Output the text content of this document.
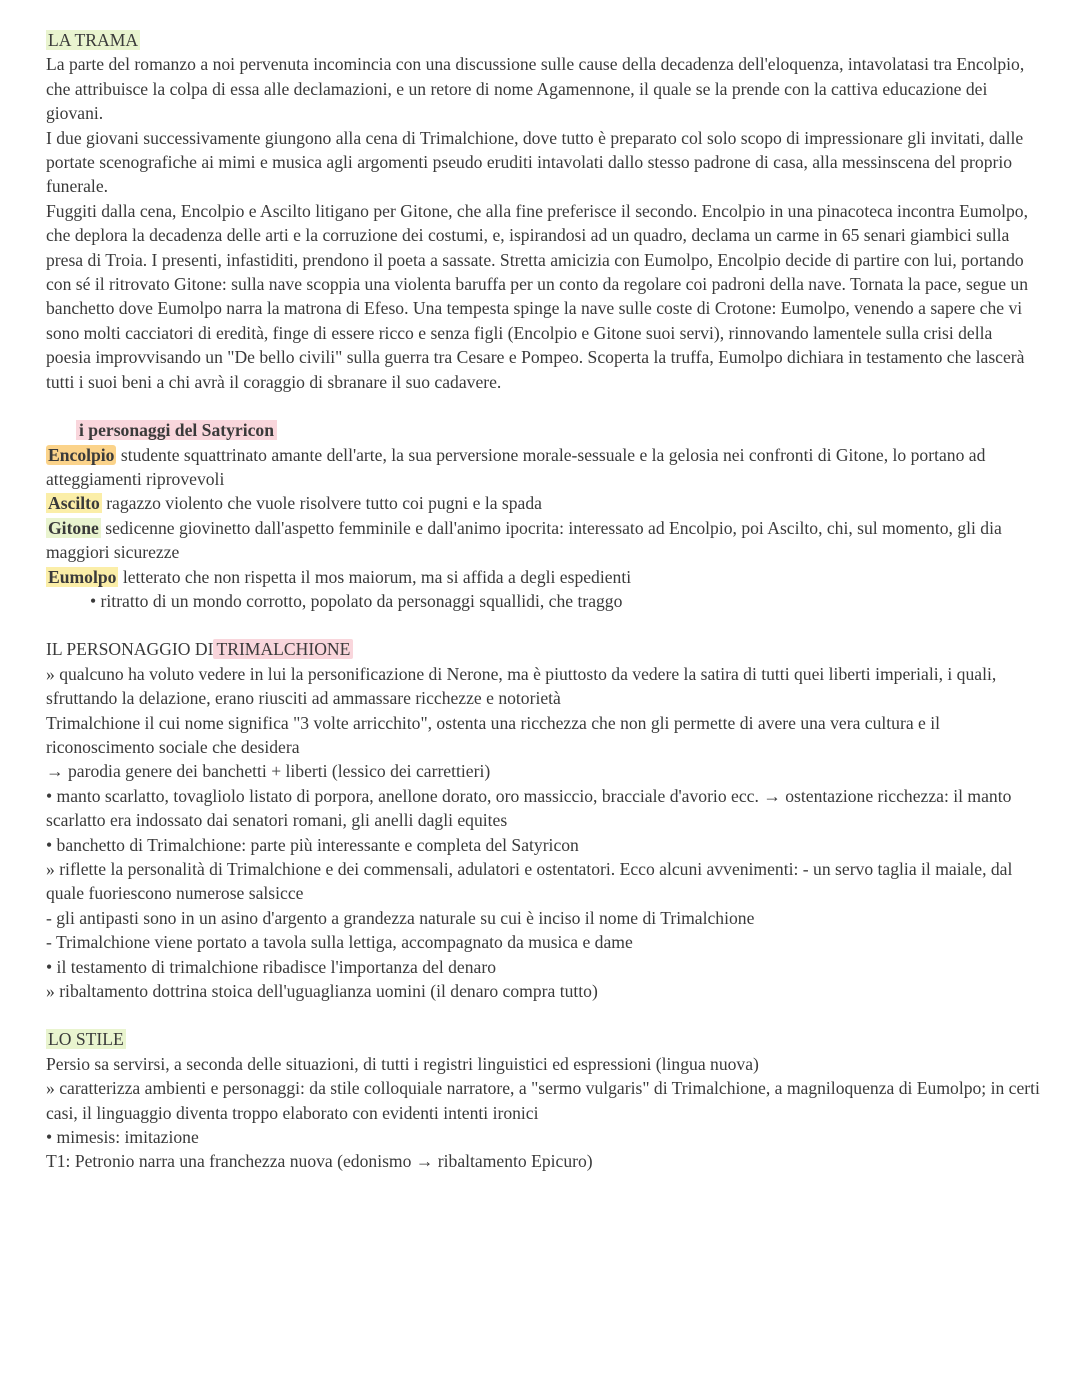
LA TRAMA
La parte del romanzo a noi pervenuta incomincia con una discussione sulle cause della decadenza dell'eloquenza, intavolatasi tra Encolpio, che attribuisce la colpa di essa alle declamazioni, e un retore di nome Agamennone, il quale se la prende con la cattiva educazione dei giovani.
I due giovani successivamente giungono alla cena di Trimalchione, dove tutto è preparato col solo scopo di impressionare gli invitati, dalle portate scenografiche ai mimi e musica agli argomenti pseudo eruditi intavolati dallo stesso padrone di casa, alla messinscena del proprio funerale.
Fuggiti dalla cena, Encolpio e Ascilto litigano per Gitone, che alla fine preferisce il secondo. Encolpio in una pinacoteca incontra Eumolpo, che deplora la decadenza delle arti e la corruzione dei costumi, e, ispirandosi ad un quadro, declama un carme in 65 senari giambici sulla presa di Troia. I presenti, infastiditi, prendono il poeta a sassate. Stretta amicizia con Eumolpo, Encolpio decide di partire con lui, portando con sé il ritrovato Gitone: sulla nave scoppia una violenta baruffa per un conto da regolare coi padroni della nave. Tornata la pace, segue un banchetto dove Eumolpo narra la matrona di Efeso. Una tempesta spinge la nave sulle coste di Crotone: Eumolpo, venendo a sapere che vi sono molti cacciatori di eredità, finge di essere ricco e senza figli (Encolpio e Gitone suoi servi), rinnovando lamentele sulla crisi della poesia improvvisando un "De bello civili" sulla guerra tra Cesare e Pompeo. Scoperta la truffa, Eumolpo dichiara in testamento che lascerà tutti i suoi beni a chi avrà il coraggio di sbranare il suo cadavere.
i personaggi del Satyricon
Encolpio studente squattrinato amante dell'arte, la sua perversione morale-sessuale e la gelosia nei confronti di Gitone, lo portano ad atteggiamenti riprovevoli
Ascilto ragazzo violento che vuole risolvere tutto coi pugni e la spada
Gitone sedicenne giovinetto dall'aspetto femminile e dall'animo ipocrita: interessato ad Encolpio, poi Ascilto, chi, sul momento, gli dia maggiori sicurezze
Eumolpo letterato che non rispetta il mos maiorum, ma si affida a degli espedienti
• ritratto di un mondo corrotto, popolato da personaggi squallidi, che traggo
IL PERSONAGGIO DI TRIMALCHIONE
» qualcuno ha voluto vedere in lui la personificazione di Nerone, ma è piuttosto da vedere la satira di tutti quei liberti imperiali, i quali, sfruttando la delazione, erano riusciti ad ammassare ricchezze e notorietà
Trimalchione il cui nome significa "3 volte arricchito", ostenta una ricchezza che non gli permette di avere una vera cultura e il riconoscimento sociale che desidera
→ parodia genere dei banchetti + liberti (lessico dei carrettieri)
• manto scarlatto, tovagliolo listato di porpora, anellone dorato, oro massiccio, bracciale d'avorio ecc. → ostentazione ricchezza: il manto scarlatto era indossato dai senatori romani, gli anelli dagli equites
• banchetto di Trimalchione: parte più interessante e completa del Satyricon
» riflette la personalità di Trimalchione e dei commensali, adulatori e ostentatori. Ecco alcuni avvenimenti: - un servo taglia il maiale, dal quale fuoriescono numerose salsicce
- gli antipasti sono in un asino d'argento a grandezza naturale su cui è inciso il nome di Trimalchione
- Trimalchione viene portato a tavola sulla lettiga, accompagnato da musica e dame
• il testamento di trimalchione ribadisce l'importanza del denaro
» ribaltamento dottrina stoica dell'uguaglianza uomini (il denaro compra tutto)
LO STILE
Persio sa servirsi, a seconda delle situazioni, di tutti i registri linguistici ed espressioni (lingua nuova)
» caratterizza ambienti e personaggi: da stile colloquiale narratore, a "sermo vulgaris" di Trimalchione, a magniloquenza di Eumolpo; in certi casi, il linguaggio diventa troppo elaborato con evidenti intenti ironici
• mimesis: imitazione
T1: Petronio narra una franchezza nuova (edonismo → ribaltamento Epicuro)
